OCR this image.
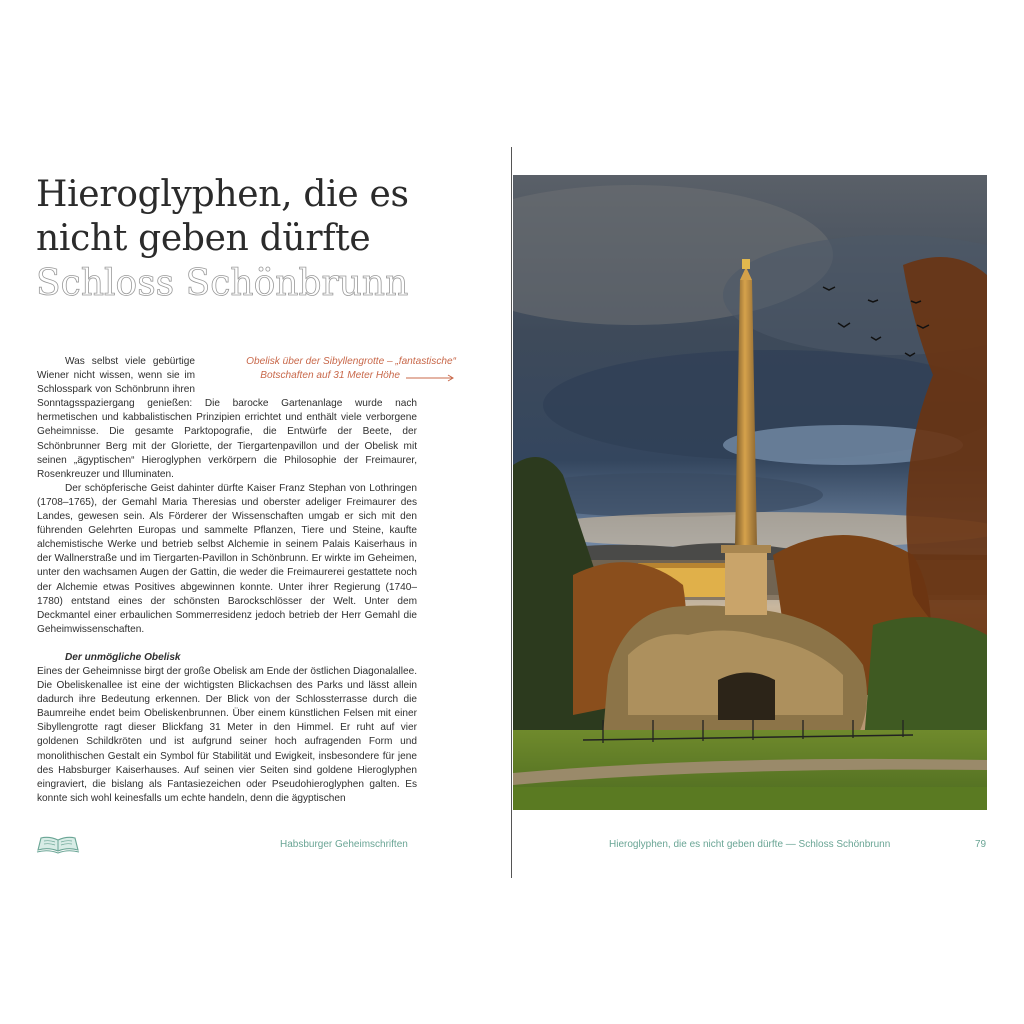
Hieroglyphen, die es
nicht geben dürfte
Schloss Schönbrunn

Was selbst viele gebürtige Wiener nicht wissen, wenn sie im Schlosspark von Schönbrunn ihren Sonntagsspaziergang genießen: Die barocke Gartenanlage wurde nach hermetischen und kabbalistischen Prinzipien errichtet und enthält viele verborgene Geheimnisse. Die gesamte Parktopografie, die Entwürfe der Beete, der Schönbrunner Berg mit der Gloriette, der Tiergartenpavillon und der Obelisk mit seinen „ägyptischen“ Hieroglyphen verkörpern die Philosophie der Freimaurer, Rosenkreuzer und Illuminaten.

Der schöpferische Geist dahinter dürfte Kaiser Franz Stephan von Lothringen (1708–1765), der Gemahl Maria Theresias und oberster adeliger Freimaurer des Landes, gewesen sein. Als Förderer der Wissenschaften umgab er sich mit den führenden Gelehrten Europas und sammelte Pflanzen, Tiere und Steine, kaufte alchemistische Werke und betrieb selbst Alchemie in seinem Palais Kaiserhaus in der Wallnerstraße und im Tiergarten-Pavillon in Schönbrunn. Er wirkte im Geheimen, unter den wachsamen Augen der Gattin, die weder die Freimaurerei gestattete noch der Alchemie etwas Positives abgewinnen konnte. Unter ihrer Regierung (1740–1780) entstand eines der schönsten Barockschlösser der Welt. Unter dem Deckmantel einer erbaulichen Sommerresidenz jedoch betrieb der Herr Gemahl die Geheimwissenschaften.

Der unmögliche Obelisk

Eines der Geheimnisse birgt der große Obelisk am Ende der östlichen Diagonalallee. Die Obeliskenallee ist eine der wichtigsten Blickachsen des Parks und lässt allein dadurch ihre Bedeutung erkennen. Der Blick von der Schlossterrasse durch die Baumreihe endet beim Obeliskenbrunnen. Über einem künstlichen Felsen mit einer Sibyllengrotte ragt dieser Blickfang 31 Meter in den Himmel. Er ruht auf vier goldenen Schildkröten und ist aufgrund seiner hoch aufragenden Form und monolithischen Gestalt ein Symbol für Stabilität und Ewigkeit, insbesondere für jene des Habsburger Kaiserhauses. Auf seinen vier Seiten sind goldene Hieroglyphen eingraviert, die bislang als Fantasiezeichen oder Pseudohieroglyphen galten. Es konnte sich wohl keinesfalls um echte handeln, denn die ägyptischen

Obelisk über der Sibyllengrotte – „fantastische“
Botschaften auf 31 Meter Höhe
Habsburger Geheimschriften	Hieroglyphen, die es nicht geben dürfte — Schloss Schönbrunn	79
